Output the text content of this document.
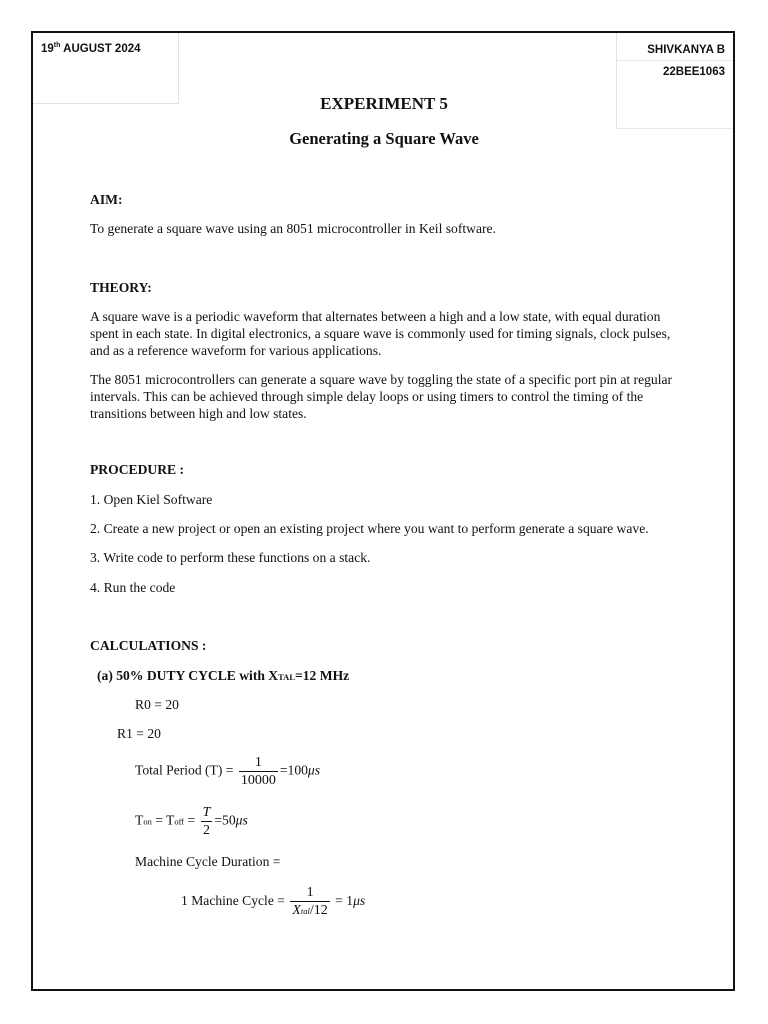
19th AUGUST 2024	SHIVKANYA B
22BEE1063
EXPERIMENT 5
Generating a Square Wave
AIM:
To generate a square wave using an 8051 microcontroller in Keil software.
THEORY:
A square wave is a periodic waveform that alternates between a high and a low state, with equal duration spent in each state. In digital electronics, a square wave is commonly used for timing signals, clock pulses, and as a reference waveform for various applications.
The 8051 microcontrollers can generate a square wave by toggling the state of a specific port pin at regular intervals. This can be achieved through simple delay loops or using timers to control the timing of the transitions between high and low states.
PROCEDURE :
1. Open Kiel Software
2. Create a new project or open an existing project where you want to perform generate a square wave.
3. Write code to perform these functions on a stack.
4. Run the code
CALCULATIONS :
(a) 50% DUTY CYCLE with XTAL=12 MHz
R0 = 20
R1 = 20
Total Period $(T) = \frac{1}{10000} =100\mu s$
Ton = Toff = $\frac{T}{2} =50\mu s$
Machine Cycle Duration =
1 Machine Cycle = $\frac{1}{\text{Xtal/12}} = 1\mu s$
